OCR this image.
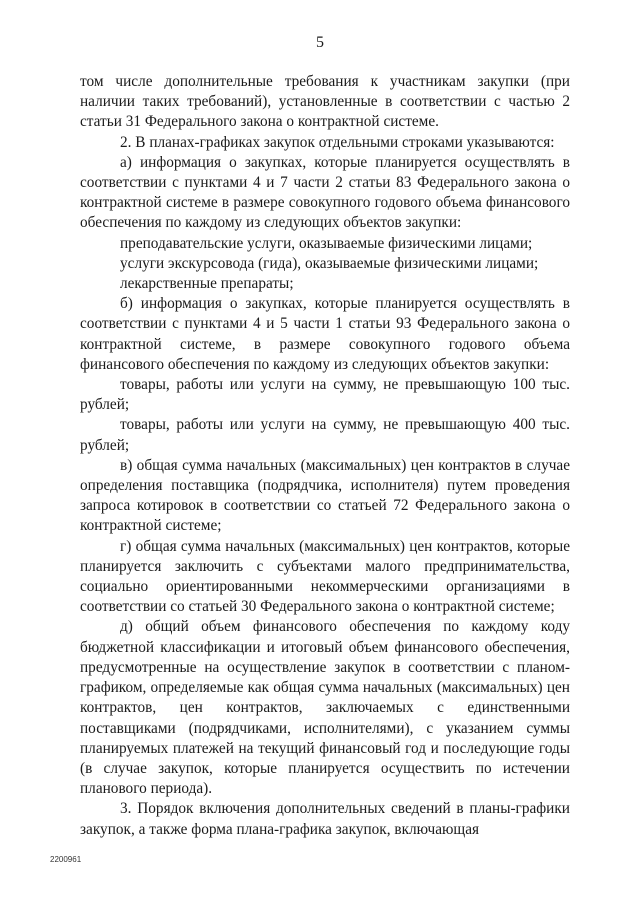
5

том числе дополнительные требования к участникам закупки (при наличии таких требований), установленные в соответствии с частью 2 статьи 31 Федерального закона о контрактной системе.

2. В планах-графиках закупок отдельными строками указываются:

а) информация о закупках, которые планируется осуществлять в соответствии с пунктами 4 и 7 части 2 статьи 83 Федерального закона о контрактной системе в размере совокупного годового объема финансового обеспечения по каждому из следующих объектов закупки:

преподавательские услуги, оказываемые физическими лицами;

услуги экскурсовода (гида), оказываемые физическими лицами;

лекарственные препараты;

б) информация о закупках, которые планируется осуществлять в соответствии с пунктами 4 и 5 части 1 статьи 93 Федерального закона о контрактной системе, в размере совокупного годового объема финансового обеспечения по каждому из следующих объектов закупки:

товары, работы или услуги на сумму, не превышающую 100 тыс. рублей;

товары, работы или услуги на сумму, не превышающую 400 тыс. рублей;

в) общая сумма начальных (максимальных) цен контрактов в случае определения поставщика (подрядчика, исполнителя) путем проведения запроса котировок в соответствии со статьей 72 Федерального закона о контрактной системе;

г) общая сумма начальных (максимальных) цен контрактов, которые планируется заключить с субъектами малого предпринимательства, социально ориентированными некоммерческими организациями в соответствии со статьей 30 Федерального закона о контрактной системе;

д) общий объем финансового обеспечения по каждому коду бюджетной классификации и итоговый объем финансового обеспечения, предусмотренные на осуществление закупок в соответствии с планом-графиком, определяемые как общая сумма начальных (максимальных) цен контрактов, цен контрактов, заключаемых с единственными поставщиками (подрядчиками, исполнителями), с указанием суммы планируемых платежей на текущий финансовый год и последующие годы (в случае закупок, которые планируется осуществить по истечении планового периода).

3. Порядок включения дополнительных сведений в планы-графики закупок, а также форма плана-графика закупок, включающая

2200961
